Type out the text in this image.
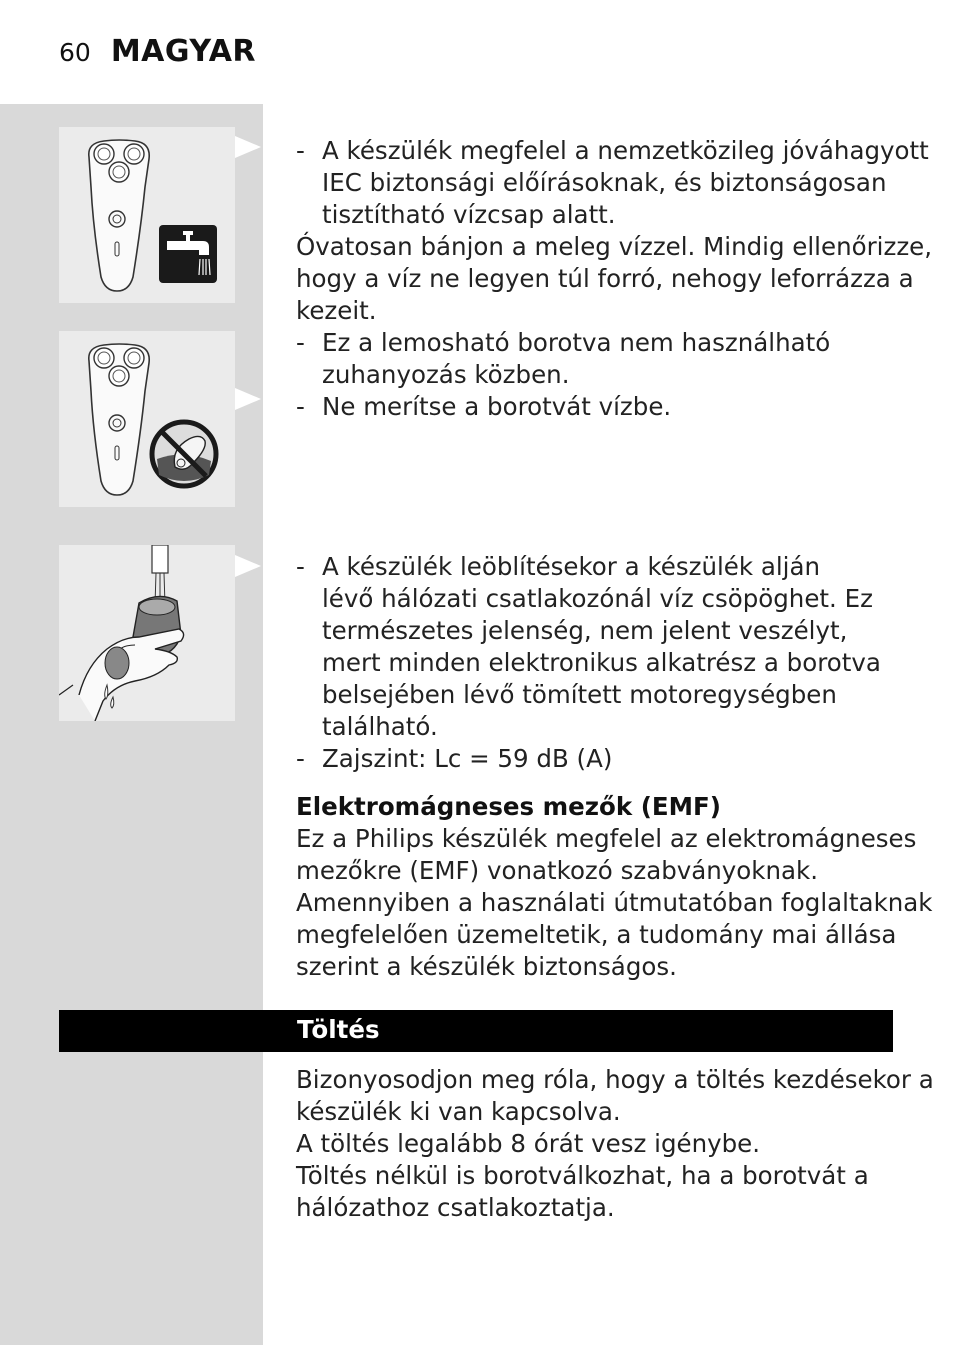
60 MAGYAR
- A készülék megfelel a nemzetközileg jóváhagyott
IEC biztonsági előírásoknak, és biztonságosan
tisztítható vízcsap alatt.
Óvatosan bánjon a meleg vízzel. Mindig ellenőrizze,
hogy a víz ne legyen túl forró, nehogy leforrázza a
kezeit.
- Ez a lemosható borotva nem használható
zuhanyozás közben.
- Ne merítse a borotvát vízbe.
- A készülék leöblítésekor a készülék alján
lévő hálózati csatlakozónál víz csöpöghet. Ez
természetes jelenség, nem jelent veszélyt,
mert minden elektronikus alkatrész a borotva
belsejében lévő tömített motoregységben
található.
- Zajszint: Lc = 59 dB (A)
Elektromágneses mezők (EMF)
Ez a Philips készülék megfelel az elektromágneses
mezőkre (EMF) vonatkozó szabványoknak.
Amennyiben a használati útmutatóban foglaltaknak
megfelelően üzemeltetik, a tudomány mai állása
szerint a készülék biztonságos.
Töltés
Bizonyosodjon meg róla, hogy a töltés kezdésekor a
készülék ki van kapcsolva.
A töltés legalább 8 órát vesz igénybe.
Töltés nélkül is borotválkozhat, ha a borotvát a
hálózathoz csatlakoztatja.
